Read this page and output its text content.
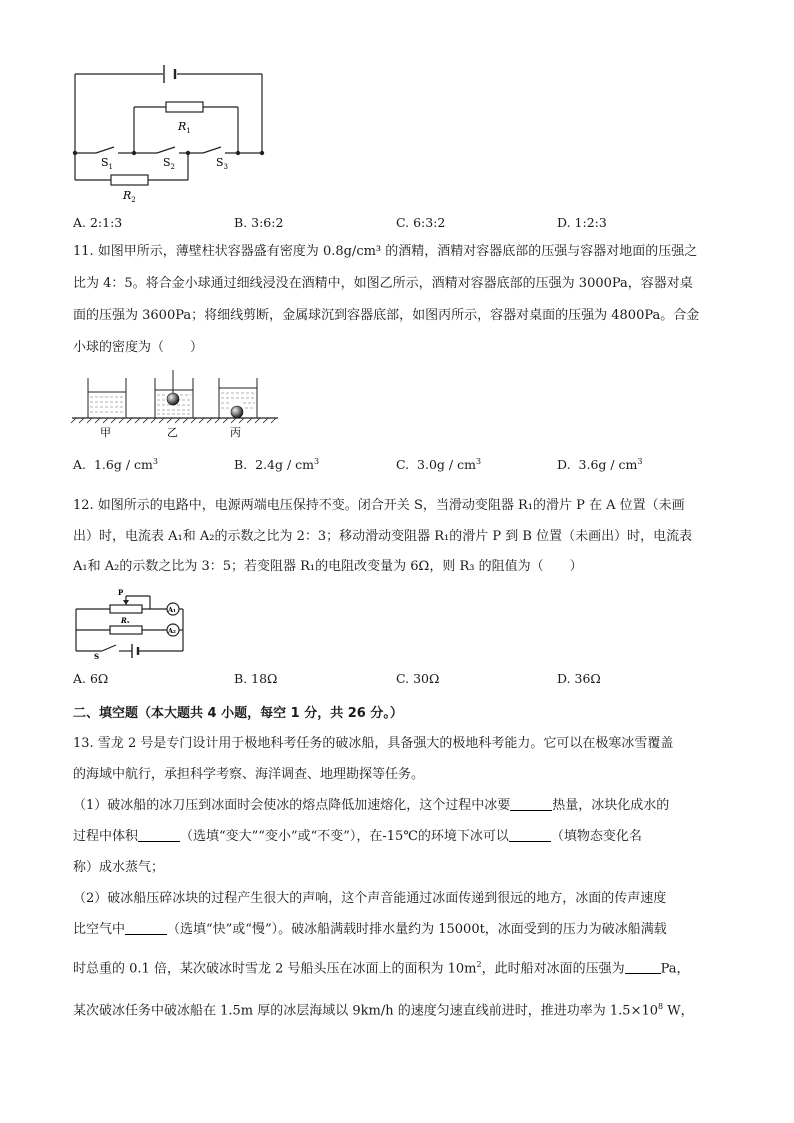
$R_1$
$R_2$
$S_1$	$S_2$	$S_3$
A. 2:1:3	B. 3:6:2	C. 6:3:2	D. 1:2:3
11. 如图甲所示，薄壁柱状容器盛有密度为 0.8g/cm³ 的酒精，酒精对容器底部的压强与容器对地面的压强之
比为 4：5。将合金小球通过细线浸没在酒精中，如图乙所示，酒精对容器底部的压强为 3000Pa，容器对桌
面的压强为 3600Pa；将细线剪断，金属球沉到容器底部，如图丙所示，容器对桌面的压强为 4800Pa。合金
小球的密度为（　　）
甲	乙	丙
A. $1.6g / cm^3$	B. $2.4g / cm^3$	C. $3.0g / cm^3$	D. $3.6g / cm^3$
12. 如图所示的电路中，电源两端电压保持不变。闭合开关 S，当滑动变阻器 R₁的滑片 P 在 A 位置（未画
出）时，电流表 A₁和 A₂的示数之比为 2：3；移动滑动变阻器 R₁的滑片 P 到 B 位置（未画出）时，电流表
A₁和 A₂的示数之比为 3：5；若变阻器 R₁的电阻改变量为 6Ω，则 R₃ 的阻值为（　　）
P
Rₓ
A₁
A₂
S
A. 6Ω	B. 18Ω	C. 30Ω	D. 36Ω
二、填空题（本大题共 4 小题，每空 1 分，共 26 分。）
13. 雪龙 2 号是专门设计用于极地科考任务的破冰船，具备强大的极地科考能力。它可以在极寒冰雪覆盖
的海域中航行，承担科学考察、海洋调查、地理勘探等任务。
（1）破冰船的冰刀压到冰面时会使冰的熔点降低加速熔化，这个过程中冰要	热量，冰块化成水的
过程中体积	（选填“变大”“变小”或“不变”），在-15℃的环境下冰可以	（填物态变化名
称）成水蒸气；
（2）破冰船压碎冰块的过程产生很大的声响，这个声音能通过冰面传递到很远的地方，冰面的传声速度
比空气中	（选填“快”或“慢”）。破冰船满载时排水量约为 15000t，冰面受到的压力为破冰船满载
时总重的 0.1 倍，某次破冰时雪龙 2 号船头压在冰面上的面积为 $10m^2$，此时船对冰面的压强为	Pa，
某次破冰任务中破冰船在 1.5m 厚的冰层海域以 9km/h 的速度匀速直线前进时，推进功率为 $1.5\times 10^8$ W，
